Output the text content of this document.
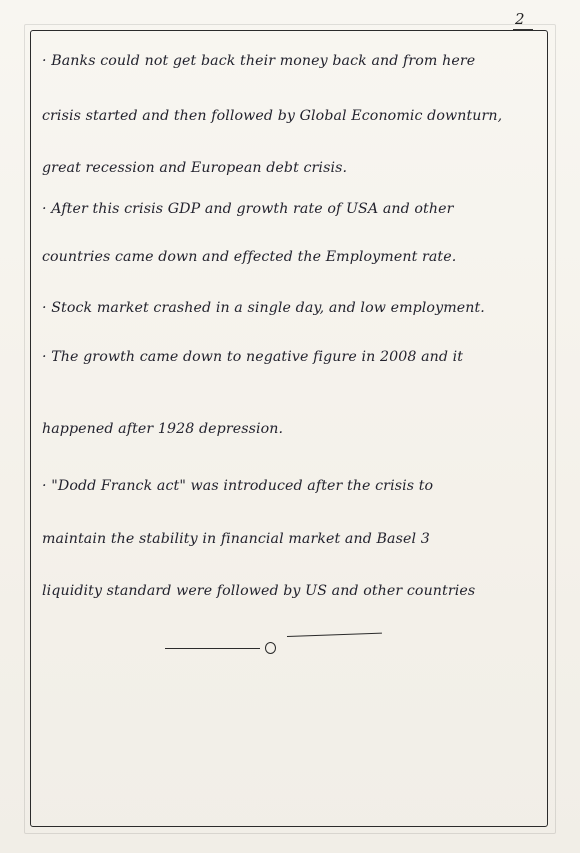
2
· Banks could not get back their money back and from here
crisis started and then followed by Global Economic downturn,
great recession and European debt crisis.
· After this crisis GDP and growth rate of USA and other
countries came down and effected the Employment rate.
· Stock market crashed in a single day, and low employment.
· The growth came down to negative figure in 2008 and it
happened after 1928 depression.
· "Dodd Franck act" was introduced after the crisis to
maintain the stability in financial market and Basel 3
liquidity standard were followed by US and other countries
